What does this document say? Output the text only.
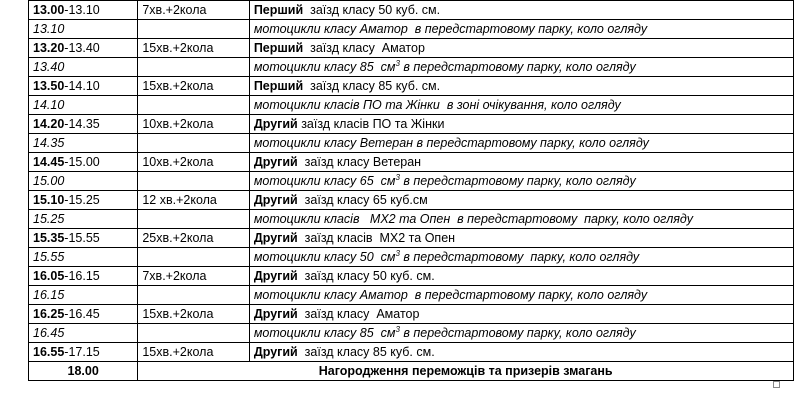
13.00-13.10	7хв.+2кола	Перший  заїзд класу 50 куб. см.
13.10		мотоцикли класу Аматор  в передстартовому парку, коло огляду
13.20-13.40	15хв.+2кола	Перший  заїзд класу  Аматор
13.40		мотоцикли класу 85  $см^3$ в передстартовому парку, коло огляду
13.50-14.10	15хв.+2кола	Перший  заїзд класу 85 куб. см.
14.10		мотоцикли класів ПО та Жінки  в зоні очікування, коло огляду
14.20-14.35	10хв.+2кола	Другий заїзд класів ПО та Жінки
14.35		мотоцикли класу Ветеран в передстартовому парку, коло огляду
14.45-15.00	10хв.+2кола	Другий  заїзд класу Ветеран
15.00		мотоцикли класу 65  $см^3$ в передстартовому парку, коло огляду
15.10-15.25	12 хв.+2кола	Другий  заїзд класу 65 куб.см
15.25		мотоцикли класів   МХ2 та Опен  в передстартовому  парку, коло огляду
15.35-15.55	25хв.+2кола	Другий  заїзд класів  МХ2 та Опен
15.55		мотоцикли класу 50  $см^3$ в передстартовому  парку, коло огляду
16.05-16.15	7хв.+2кола	Другий  заїзд класу 50 куб. см.
16.15		мотоцикли класу Аматор  в передстартовому парку, коло огляду
16.25-16.45	15хв.+2кола	Другий  заїзд класу  Аматор
16.45		мотоцикли класу 85  $см^3$ в передстартовому парку, коло огляду
16.55-17.15	15хв.+2кола	Другий  заїзд класу 85 куб. см.
18.00	Нагородження переможців та призерів змагань	
